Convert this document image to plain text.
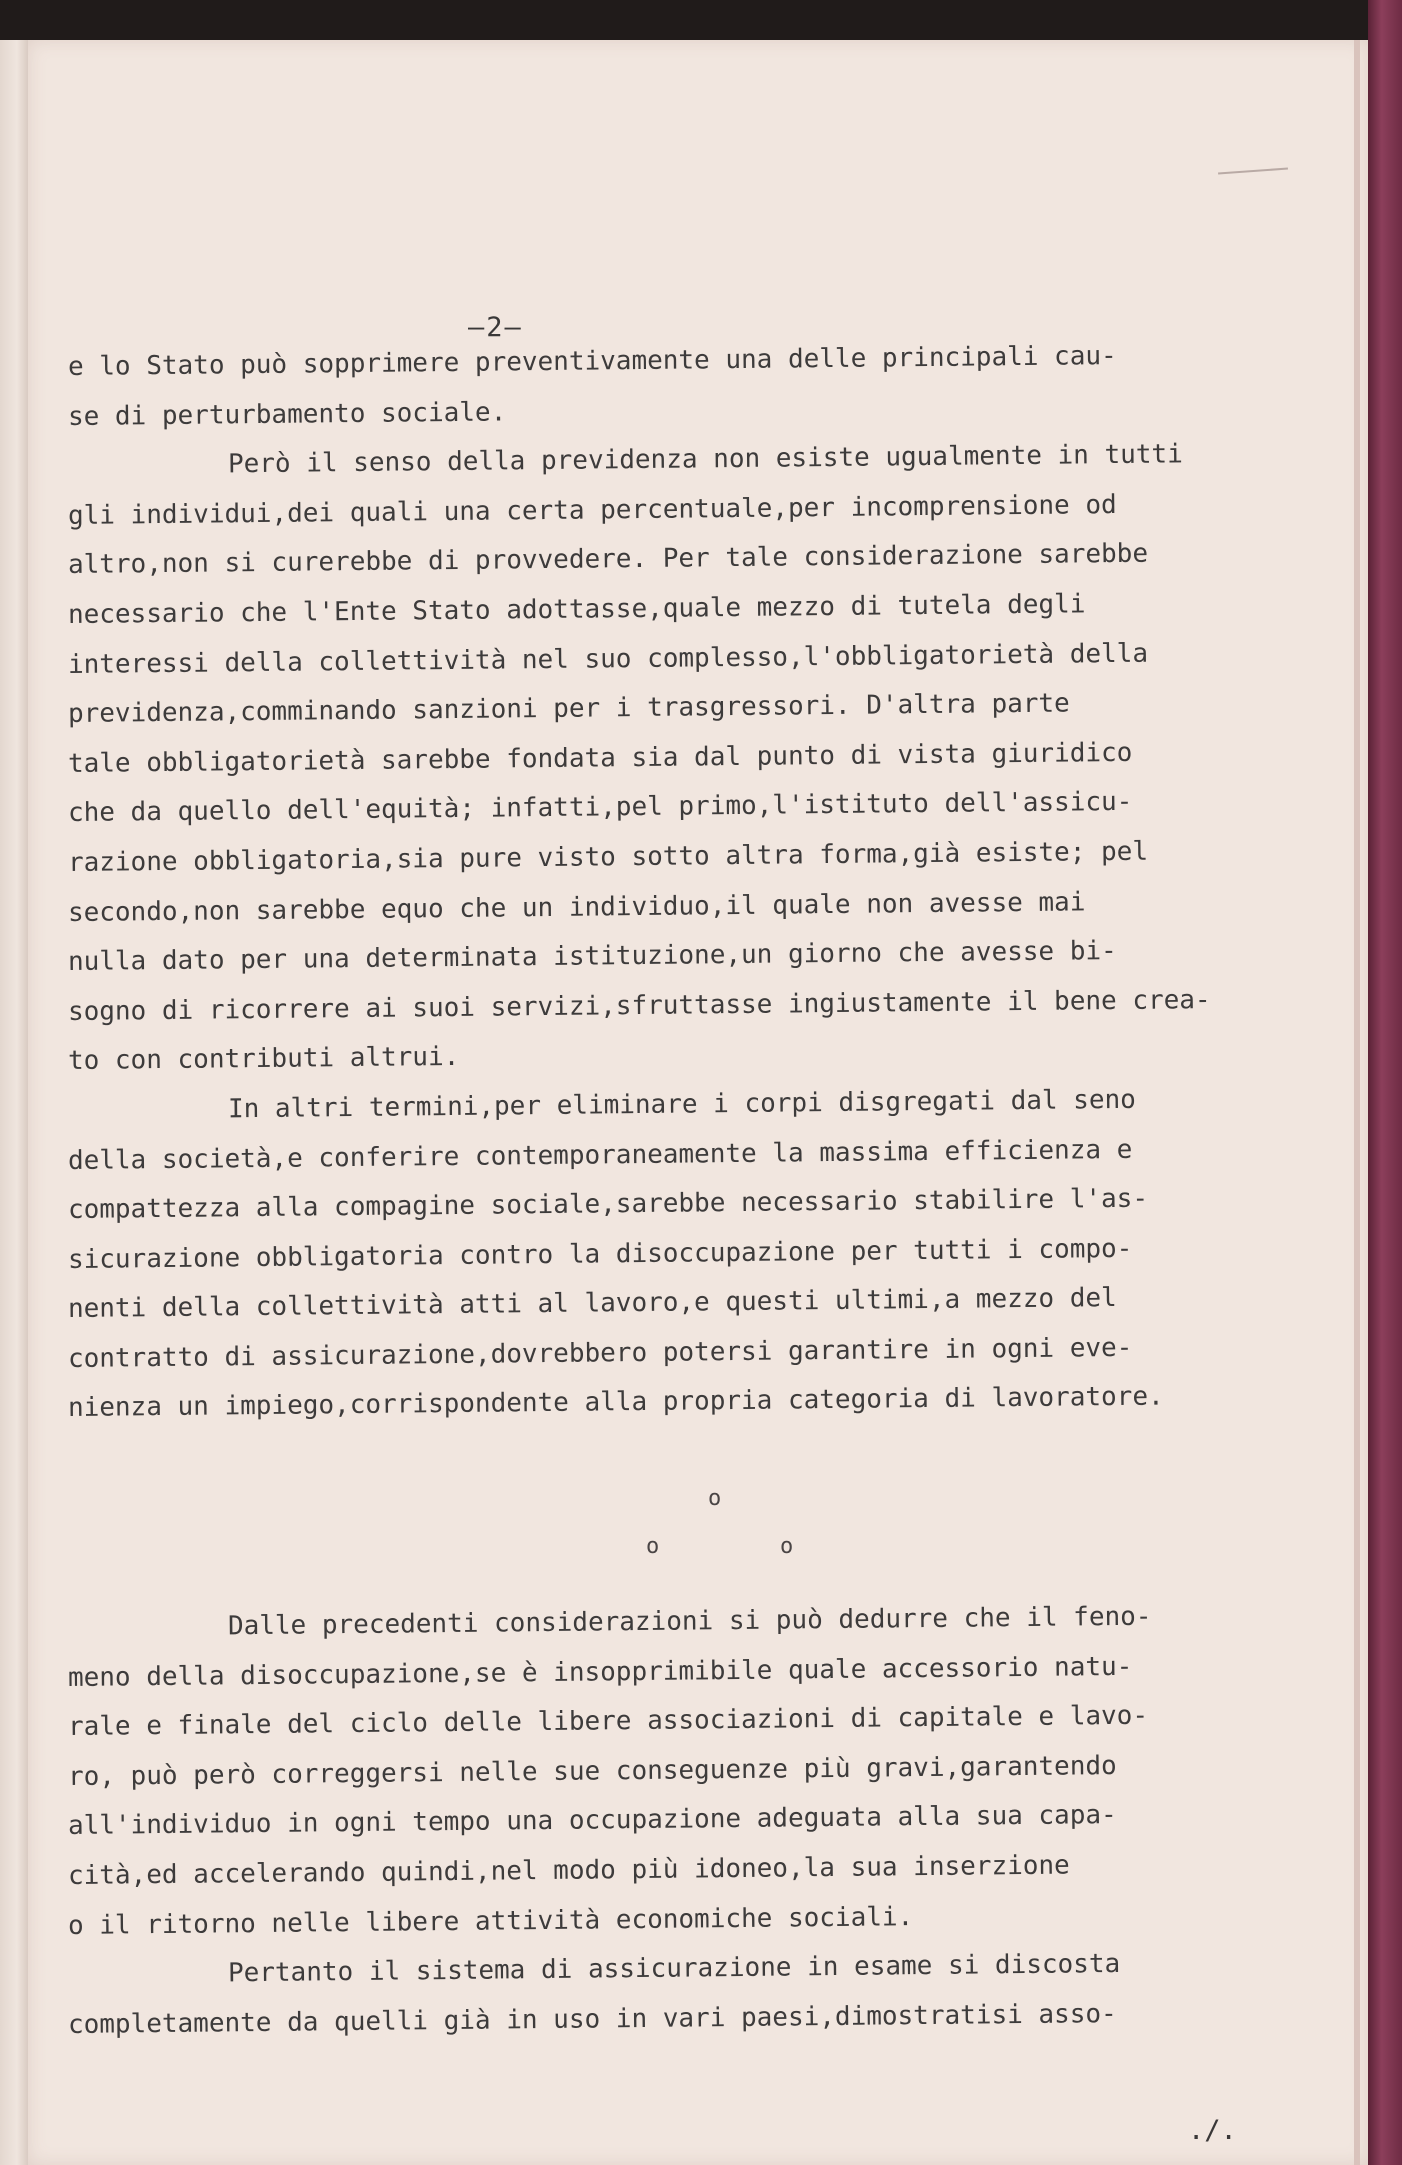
—2—
e lo Stato può sopprimere preventivamente una delle principali cau-
se di perturbamento sociale.
Però il senso della previdenza non esiste ugualmente in tutti
gli individui,dei quali una certa percentuale,per incomprensione od
altro,non si curerebbe di provvedere. Per tale considerazione sarebbe
necessario che l'Ente Stato adottasse,quale mezzo di tutela degli
interessi della collettività nel suo complesso,l'obbligatorietà della
previdenza,comminando sanzioni per i trasgressori. D'altra parte
tale obbligatorietà sarebbe fondata sia dal punto di vista giuridico
che da quello dell'equità; infatti,pel primo,l'istituto dell'assicu-
razione obbligatoria,sia pure visto sotto altra forma,già esiste; pel
secondo,non sarebbe equo che un individuo,il quale non avesse mai
nulla dato per una determinata istituzione,un giorno che avesse bi-
sogno di ricorrere ai suoi servizi,sfruttasse ingiustamente il bene crea-
to con contributi altrui.
In altri termini,per eliminare i corpi disgregati dal seno
della società,e conferire contemporaneamente la massima efficienza e
compattezza alla compagine sociale,sarebbe necessario stabilire l'as-
sicurazione obbligatoria contro la disoccupazione per tutti i compo-
nenti della collettività atti al lavoro,e questi ultimi,a mezzo del
contratto di assicurazione,dovrebbero potersi garantire in ogni eve-
nienza un impiego,corrispondente alla propria categoria di lavoratore.
o
o	o
Dalle precedenti considerazioni si può dedurre che il feno-
meno della disoccupazione,se è insopprimibile quale accessorio natu-
rale e finale del ciclo delle libere associazioni di capitale e lavo-
ro, può però correggersi nelle sue conseguenze più gravi,garantendo
all'individuo in ogni tempo una occupazione adeguata alla sua capa-
cità,ed accelerando quindi,nel modo più idoneo,la sua inserzione
o il ritorno nelle libere attività economiche sociali.
Pertanto il sistema di assicurazione in esame si discosta
completamente da quelli già in uso in vari paesi,dimostratisi asso-
./.
